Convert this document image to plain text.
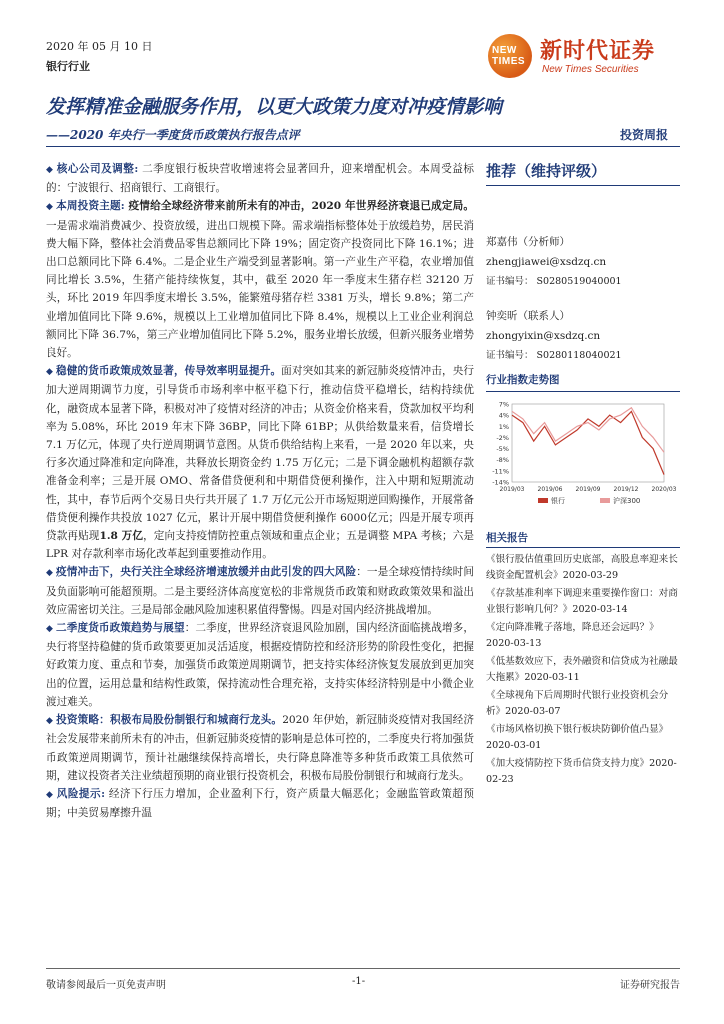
2020 年 05 月 10 日
银行行业
NEW TIMES 新时代证券
New Times Securities
发挥精准金融服务作用，以更大政策力度对冲疫情影响
——2020 年央行一季度货币政策执行报告点评	投资周报

◆ 核心公司及调整: 二季度银行板块营收增速将会显著回升，迎来增配机会。本周受益标的：宁波银行、招商银行、工商银行。

◆ 本周投资主题: 疫情给全球经济带来前所未有的冲击，2020 年世界经济衰退已成定局。一是需求端消费减少、投资放缓，进出口规模下降。需求端指标整体处于放缓趋势，居民消费大幅下降，整体社会消费品零售总额同比下降 19%；固定资产投资同比下降 16.1%；进出口总额同比下降 6.4%。二是企业生产端受到显著影响。第一产业生产平稳，农业增加值同比增长 3.5%，生猪产能持续恢复，其中，截至 2020 年一季度末生猪存栏 32120 万头，环比 2019 年四季度末增长 3.5%，能繁殖母猪存栏 3381 万头，增长 9.8%；第二产业增加值同比下降 9.6%，规模以上工业增加值同比下降 8.4%，规模以上工业企业利润总额同比下降 36.7%，第三产业增加值同比下降 5.2%，服务业增长放缓，但新兴服务业增势良好。

◆ 稳健的货币政策成效显著，传导效率明显提升。面对突如其来的新冠肺炎疫情冲击，央行加大逆周期调节力度，引导货币市场利率中枢平稳下行，推动信贷平稳增长，结构持续优化，融资成本显著下降，积极对冲了疫情对经济的冲击；从资金价格来看，贷款加权平均利率为 5.08%，环比 2019 年末下降 36BP，同比下降 61BP；从供给数量来看，信贷增长 7.1 万亿元，体现了央行逆周期调节意图。从货币供给结构上来看，一是 2020 年以来，央行多次通过降准和定向降准，共释放长期资金约 1.75 万亿元；二是下调金融机构超额存款准备金利率；三是开展 OMO、常备借贷便利和中期借贷便利操作，注入中期和短期流动性，其中，春节后两个交易日央行共开展了 1.7 万亿元公开市场短期逆回购操作，开展常备借贷便利操作共投放 1027 亿元，累计开展中期借贷便利操作 6000亿元；四是开展专项再贷款再贴现1.8 万亿，定向支持疫情防控重点领域和重点企业；五是调整 MPA 考核；六是 LPR 对存款利率市场化改革起到重要推动作用。

◆ 疫情冲击下，央行关注全球经济增速放缓并由此引发的四大风险：一是全球疫情持续时间及负面影响可能超预期。二是主要经济体高度宽松的非常规货币政策和财政政策效果和溢出效应需密切关注。三是局部金融风险加速积累值得警惕。四是对国内经济挑战增加。

◆ 二季度货币政策趋势与展望：二季度，世界经济衰退风险加剧，国内经济面临挑战增多，央行将坚持稳健的货币政策要更加灵活适度，根据疫情防控和经济形势的阶段性变化，把握好政策力度、重点和节奏，加强货币政策逆周期调节，把支持实体经济恢复发展放到更加突出的位置，运用总量和结构性政策，保持流动性合理充裕，支持实体经济特别是中小微企业渡过难关。

◆ 投资策略：积极布局股份制银行和城商行龙头。2020 年伊始，新冠肺炎疫情对我国经济社会发展带来前所未有的冲击，但新冠肺炎疫情的影响是总体可控的，二季度央行将加强货币政策逆周期调节，预计社融继续保持高增长，央行降息降准等多种货币政策工具依然可期，建议投资者关注业绩超预期的商业银行投资机会，积极布局股份制银行和城商行龙头。

◆ 风险提示: 经济下行压力增加，企业盈利下行，资产质量大幅恶化；金融监管政策超预期；中美贸易摩擦升温

推荐（维持评级）
郑嘉伟（分析师）
zhengjiawei@xsdzq.cn
证书编号： S0280519040001
钟奕昕（联系人）
zhongyixin@xsdzq.cn
证书编号： S0280118040021
行业指数走势图
7%
4%
1%
-2%
-5%
-8%
-11%
-14%
2019/03 2019/06 2019/09 2019/12 2020/03
银行	沪深300
相关报告
《银行股估值重回历史底部，高股息率迎来长线资金配置机会》2020-03-29
《存款基准利率下调迎来重要操作窗口：对商业银行影响几何？》2020-03-14
《定向降准靴子落地，降息还会远吗？》2020-03-13
《低基数效应下，表外融资和信贷成为社融最大拖累》2020-03-11
《全球视角下后周期时代银行业投资机会分析》2020-03-07
《市场风格切换下银行板块防御价值凸显》2020-03-01
《加大疫情防控下货币信贷支持力度》2020-02-23
敬请参阅最后一页免责声明	-1-	证券研究报告
